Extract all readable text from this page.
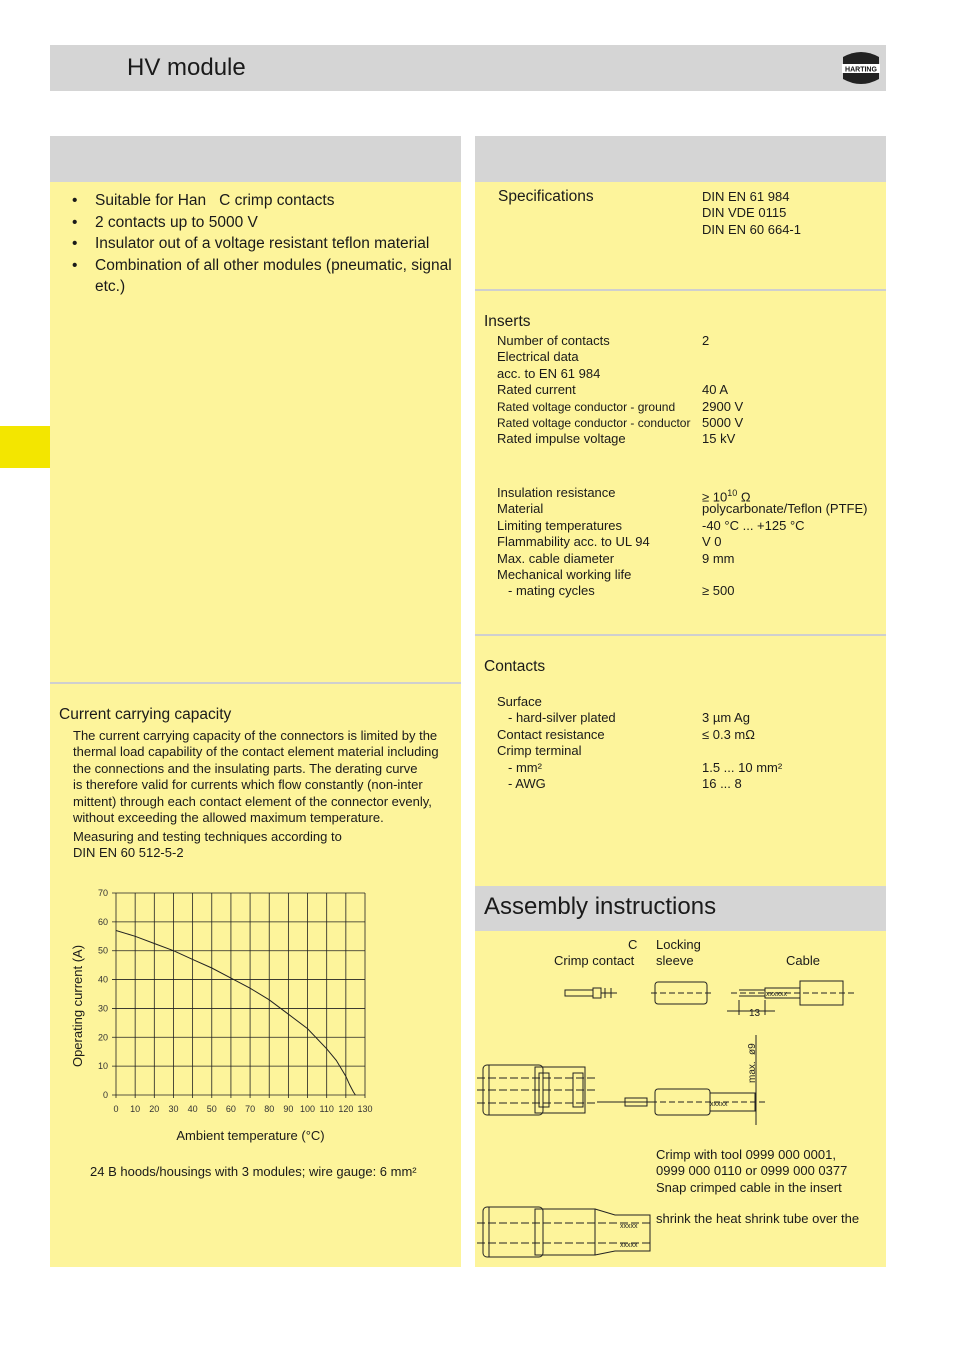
HV module	HARTING
• Suitable for Han   C crimp contacts
• 2 contacts up to 5000 V
• Insulator out of a voltage resistant teflon material
• Combination of all other modules (pneumatic, signal etc.)
Current carrying capacity
The current carrying capacity of the connectors is limited by the
thermal load capability of the contact element material including
the connections and the insulating parts. The derating curve
is therefore valid for currents which flow constantly (non-inter
mittent) through each contact element of the connector evenly,
without exceeding the allowed maximum temperature.
Measuring and testing techniques according to
DIN EN 60 512-5-2
0 10 20 30 40 50 60 70 80 90 100 110 120 130
0
10
20
30
40
50
60
70
Ambient temperature (°C)
Operating current (A)
24 B hoods/housings with 3 modules; wire gauge: 6 mm²
Specifications	DIN EN 61 984
DIN VDE 0115
DIN EN 60 664-1
Inserts
Number of contacts	2
Electrical data
acc. to EN 61 984
Rated current	40 A
Rated voltage conductor - ground 2900 V
Rated voltage conductor - conductor 5000 V
Rated impulse voltage	15 kV
Insulation resistance	≥ $10^{10}$ Ω
Material	polycarbonate/Teflon (PTFE)
Limiting temperatures	-40 °C ... +125 °C
Flammability acc. to UL 94	V 0
Max. cable diameter	9 mm
Mechanical working life
- mating cycles	≥ 500
Contacts
Surface
- hard-silver plated	3 µm Ag
Contact resistance	≤ 0.3 mΩ
Crimp terminal
- mm²	1.5 ... 10 mm²
- AWG	16 ... 8
Assembly instructions
C
Crimp contact
Locking
sleeve	Cable
xxxxxx
xxxxx
xxxxx
xxxxx
13
max.
ø9
Crimp with tool 0999 000 0001,
0999 000 0110 or 0999 000 0377
Snap crimped cable in the insert
shrink the heat shrink tube over the
